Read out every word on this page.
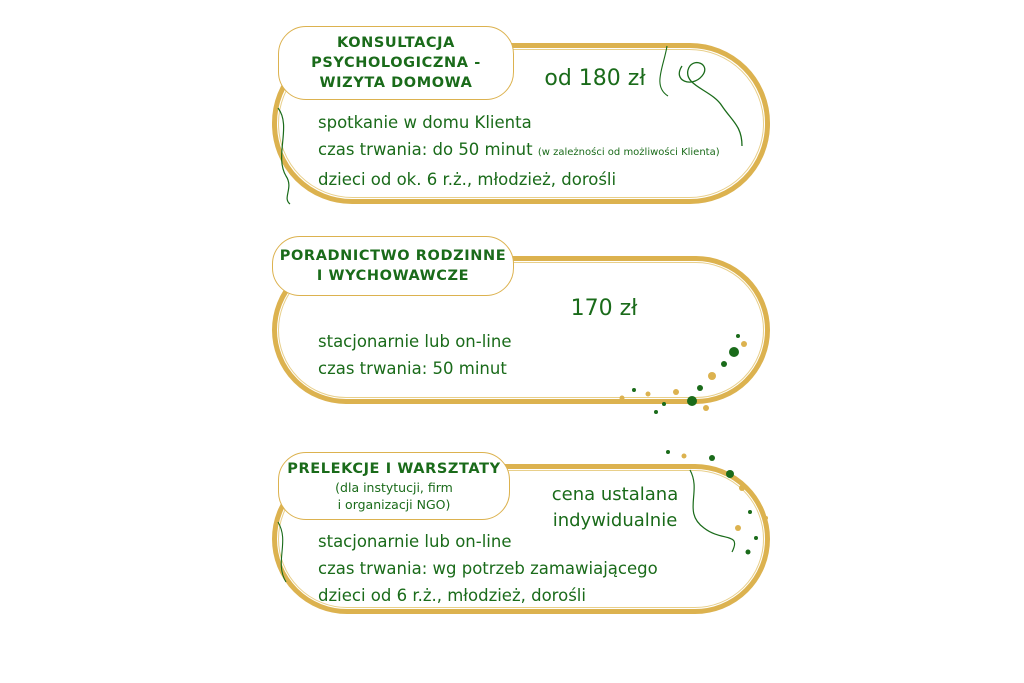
KONSULTACJA
PSYCHOLOGICZNA -
WIZYTA DOMOWA	od 180 zł
spotkanie w domu Klienta
czas trwania: do 50 minut (w zależności od możliwości Klienta)
dzieci od ok. 6 r.ż., młodzież, dorośli
PORADNICTWO RODZINNE
I WYCHOWAWCZE
170 zł
stacjonarnie lub on-line
czas trwania: 50 minut
PRELEKCJE I WARSZTATY
(dla instytucji, firm
i organizacji NGO)	cena ustalana
indywidualnie
stacjonarnie lub on-line
czas trwania: wg potrzeb zamawiającego
dzieci od 6 r.ż., młodzież, dorośli
